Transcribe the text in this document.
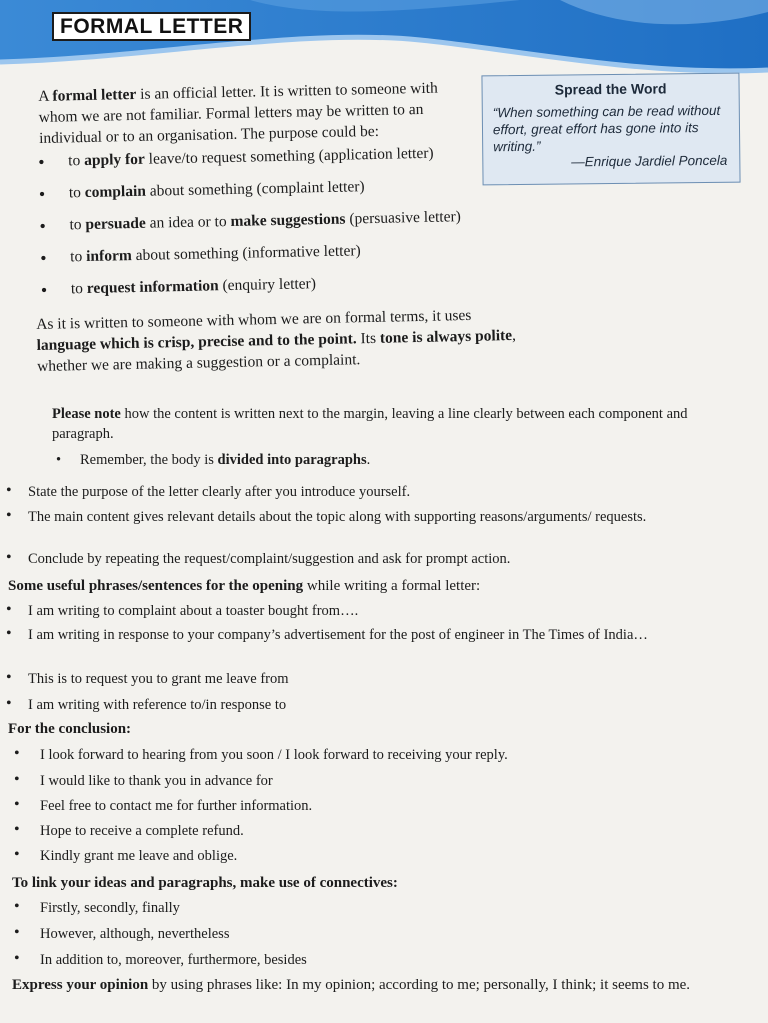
FORMAL LETTER
Spread the Word
“When something can be read without effort, great effort has gone into its writing.”
—Enrique Jardiel Poncela
A formal letter is an official letter. It is written to someone with whom we are not familiar. Formal letters may be written to an individual or to an organisation. The purpose could be:
• to apply for leave/to request something (application letter)
• to complain about something (complaint letter)
• to persuade an idea or to make suggestions (persuasive letter)
• to inform about something (informative letter)
• to request information (enquiry letter)
As it is written to someone with whom we are on formal terms, it uses language which is crisp, precise and to the point. Its tone is always polite, whether we are making a suggestion or a complaint.
Please note how the content is written next to the margin, leaving a line clearly between each component and paragraph.
• Remember, the body is divided into paragraphs.
•	State the purpose of the letter clearly after you introduce yourself.
•	The main content gives relevant details about the topic along with supporting reasons/arguments/ requests.
•	Conclude by repeating the request/complaint/suggestion and ask for prompt action.
Some useful phrases/sentences for the opening while writing a formal letter:
•	I am writing to complaint about a toaster bought from….
•	I am writing in response to your company’s advertisement for the post of engineer in The Times of India…
•	This is to request you to grant me leave from
•	I am writing with reference to/in response to
For the conclusion:
•	I look forward to hearing from you soon / I look forward to receiving your reply.
•	I would like to thank you in advance for
•	Feel free to contact me for further information.
•	Hope to receive a complete refund.
•	Kindly grant me leave and oblige.
To link your ideas and paragraphs, make use of connectives:
•	Firstly, secondly, finally
•	However, although, nevertheless
•	In addition to, moreover, furthermore, besides
Express your opinion by using phrases like: In my opinion; according to me; personally, I think; it seems to me.
